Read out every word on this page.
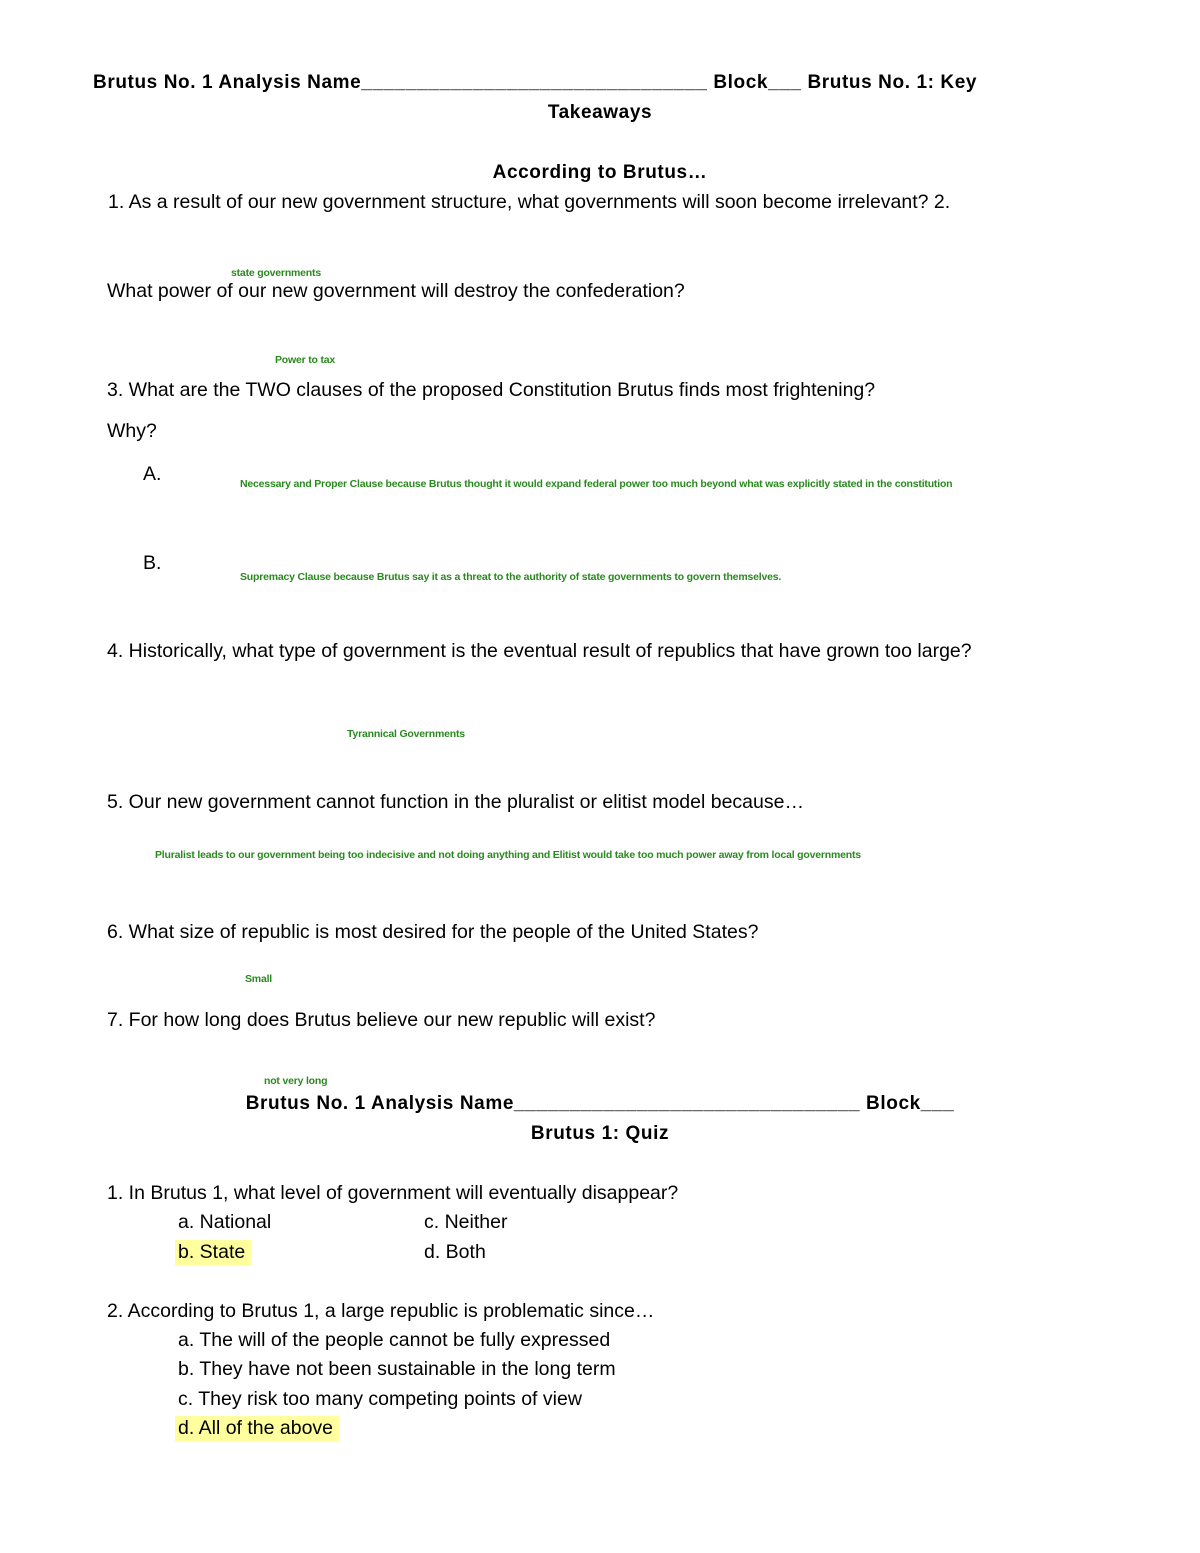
Brutus No. 1 Analysis Name_______________________________ Block___ Brutus No. 1: Key
Takeaways
According to Brutus…
1. As a result of our new government structure, what governments will soon become irrelevant? 2.
state governments
What power of our new government will destroy the confederation?
Power to tax
3. What are the TWO clauses of the proposed Constitution Brutus finds most frightening?
Why?
A.	Necessary and Proper Clause because Brutus thought it would expand federal power too much beyond what was explicitly stated in the constitution
B.
Supremacy Clause because Brutus say it as a threat to the authority of state governments to govern themselves.
4. Historically, what type of government is the eventual result of republics that have grown too large?
Tyrannical Governments
5. Our new government cannot function in the pluralist or elitist model because…
Pluralist leads to our government being too indecisive and not doing anything and Elitist would take too much power away from local governments
6. What size of republic is most desired for the people of the United States?
Small
7. For how long does Brutus believe our new republic will exist?
not very long
Brutus No. 1 Analysis Name_______________________________ Block___
Brutus 1: Quiz
1. In Brutus 1, what level of government will eventually disappear?
a. National	c. Neither
b. State	d. Both
2. According to Brutus 1, a large republic is problematic since…
a. The will of the people cannot be fully expressed
b. They have not been sustainable in the long term
c. They risk too many competing points of view
d. All of the above
